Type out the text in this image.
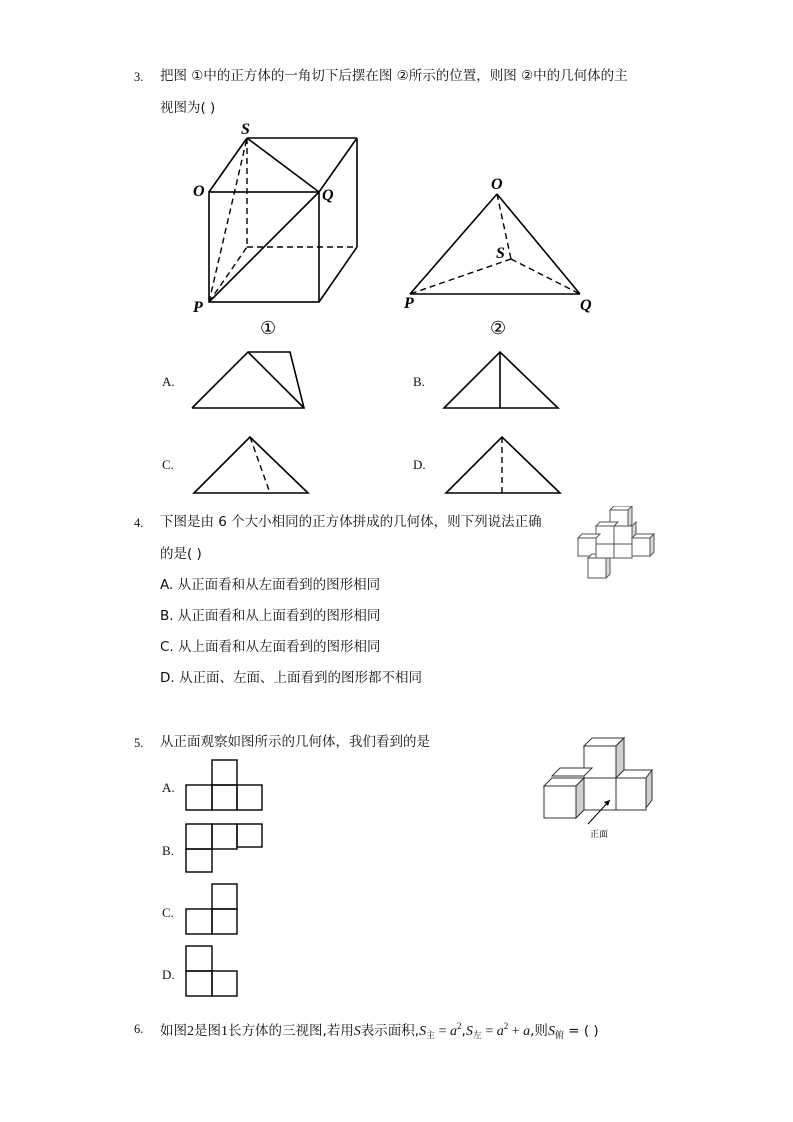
3. 把图 ①中的正方体的一角切下后摆在图 ②所示的位置，则图 ②中的几何体的主
视图为( )
S
O	Q
P
①
O
S
P	Q
②
A.	B.
C.	D.
4. 下图是由 6 个大小相同的正方体拼成的几何体，则下列说法正确
的是( )
A. 从正面看和从左面看到的图形相同
B. 从正面看和从上面看到的图形相同
C. 从上面看和从左面看到的图形相同
D. 从正面、左面、上面看到的图形都不相同
5. 从正面观察如图所示的几何体，我们看到的是
正面
A.
B.
C.
D.
6. 如图2是图1长方体的三视图,若用S表示面积$,S_主 = a^2,S_左 = a^2 + a$,则$S_俯$ = ( )
